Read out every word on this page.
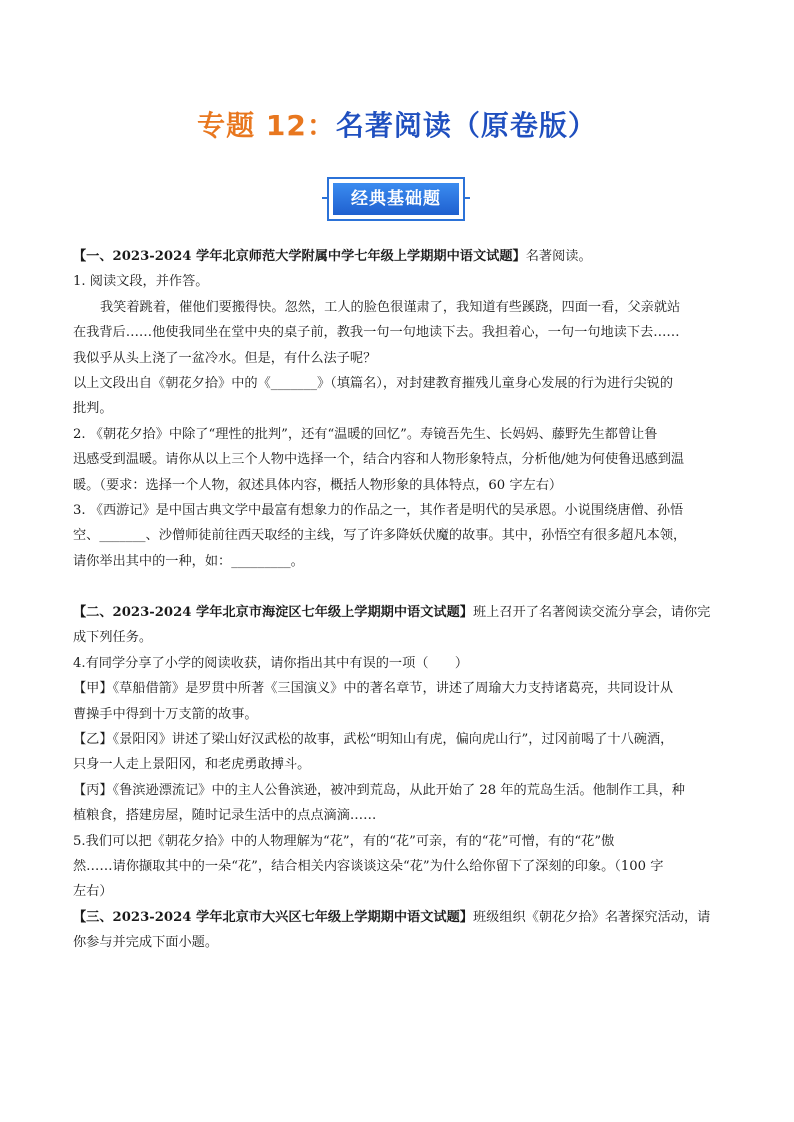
专题 12：名著阅读（原卷版）
经典基础题
【一、2023-2024 学年北京师范大学附属中学七年级上学期期中语文试题】名著阅读。
1. 阅读文段，并作答。
我笑着跳着，催他们要搬得快。忽然，工人的脸色很谨肃了，我知道有些蹊跷，四面一看，父亲就站
在我背后……他使我同坐在堂中央的桌子前，教我一句一句地读下去。我担着心，一句一句地读下去……
我似乎从头上浇了一盆冷水。但是，有什么法子呢？
以上文段出自《朝花夕拾》中的《_______》（填篇名），对封建教育摧残儿童身心发展的行为进行尖锐的
批判。
2. 《朝花夕拾》中除了“理性的批判”，还有“温暖的回忆”。寿镜吾先生、长妈妈、藤野先生都曾让鲁
迅感受到温暖。请你从以上三个人物中选择一个，结合内容和人物形象特点，分析他/她为何使鲁迅感到温
暖。（要求：选择一个人物，叙述具体内容，概括人物形象的具体特点，60 字左右）
3. 《西游记》是中国古典文学中最富有想象力的作品之一，其作者是明代的吴承恩。小说围绕唐僧、孙悟
空、_______、沙僧师徒前往西天取经的主线，写了许多降妖伏魔的故事。其中，孙悟空有很多超凡本领，
请你举出其中的一种，如：_________。
【二、2023-2024 学年北京市海淀区七年级上学期期中语文试题】班上召开了名著阅读交流分享会，请你完
成下列任务。
4.有同学分享了小学的阅读收获，请你指出其中有误的一项（　　）
【甲】《草船借箭》是罗贯中所著《三国演义》中的著名章节，讲述了周瑜大力支持诸葛亮，共同设计从
曹操手中得到十万支箭的故事。
【乙】《景阳冈》讲述了梁山好汉武松的故事，武松“明知山有虎，偏向虎山行”，过冈前喝了十八碗酒，
只身一人走上景阳冈，和老虎勇敢搏斗。
【丙】《鲁滨逊漂流记》中的主人公鲁滨逊，被冲到荒岛，从此开始了 28 年的荒岛生活。他制作工具，种
植粮食，搭建房屋，随时记录生活中的点点滴滴……
5.我们可以把《朝花夕拾》中的人物理解为“花”，有的“花”可亲，有的“花”可憎，有的“花”傲
然……请你撷取其中的一朵“花”，结合相关内容谈谈这朵“花”为什么给你留下了深刻的印象。（100 字
左右）
【三、2023-2024 学年北京市大兴区七年级上学期期中语文试题】班级组织《朝花夕拾》名著探究活动，请
你参与并完成下面小题。
